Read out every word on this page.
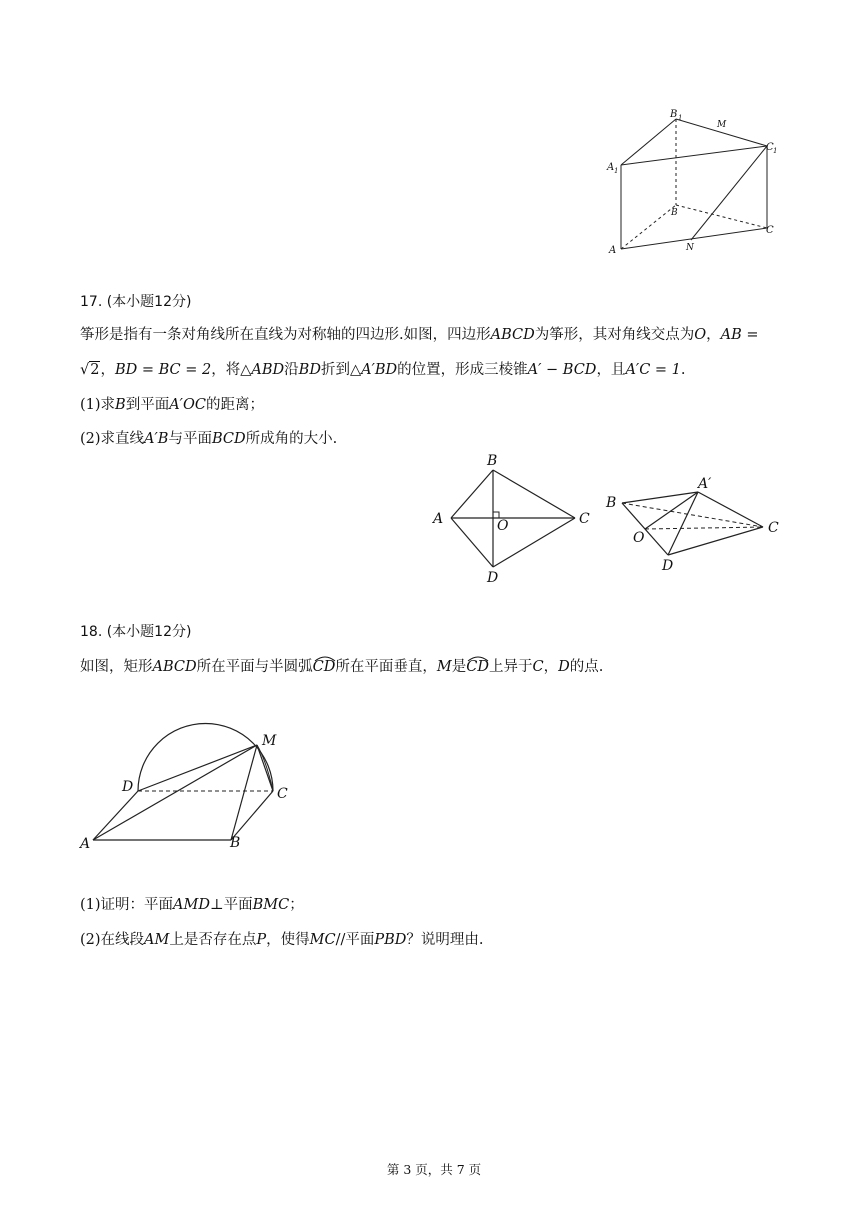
B 1
M
C 1
A 1
B
C
A	N
17. (本小题12分)
筝形是指有一条对角线所在直线为对称轴的四边形.如图，四边形ABCD为筝形，其对角线交点为O，AB =
√2，BD = BC = 2，将△ABD沿BD折到△A′BD的位置，形成三棱锥A′ − BCD，且A′C = 1.
(1)求B到平面A′OC的距离；
(2)求直线A′B与平面BCD所成角的大小.
A
B
C
D
O
B
A′
C
O
D
18. (本小题12分)
如图，矩形ABCD所在平面与半圆弧CD
所在平面垂直，M是CD
上异于C，D的点.
M
D	C
A	B
(1)证明：平面AMD⊥平面BMC；
(2)在线段AM上是否存在点P，使得MC//平面PBD？说明理由.
第 3 页，共 7 页
